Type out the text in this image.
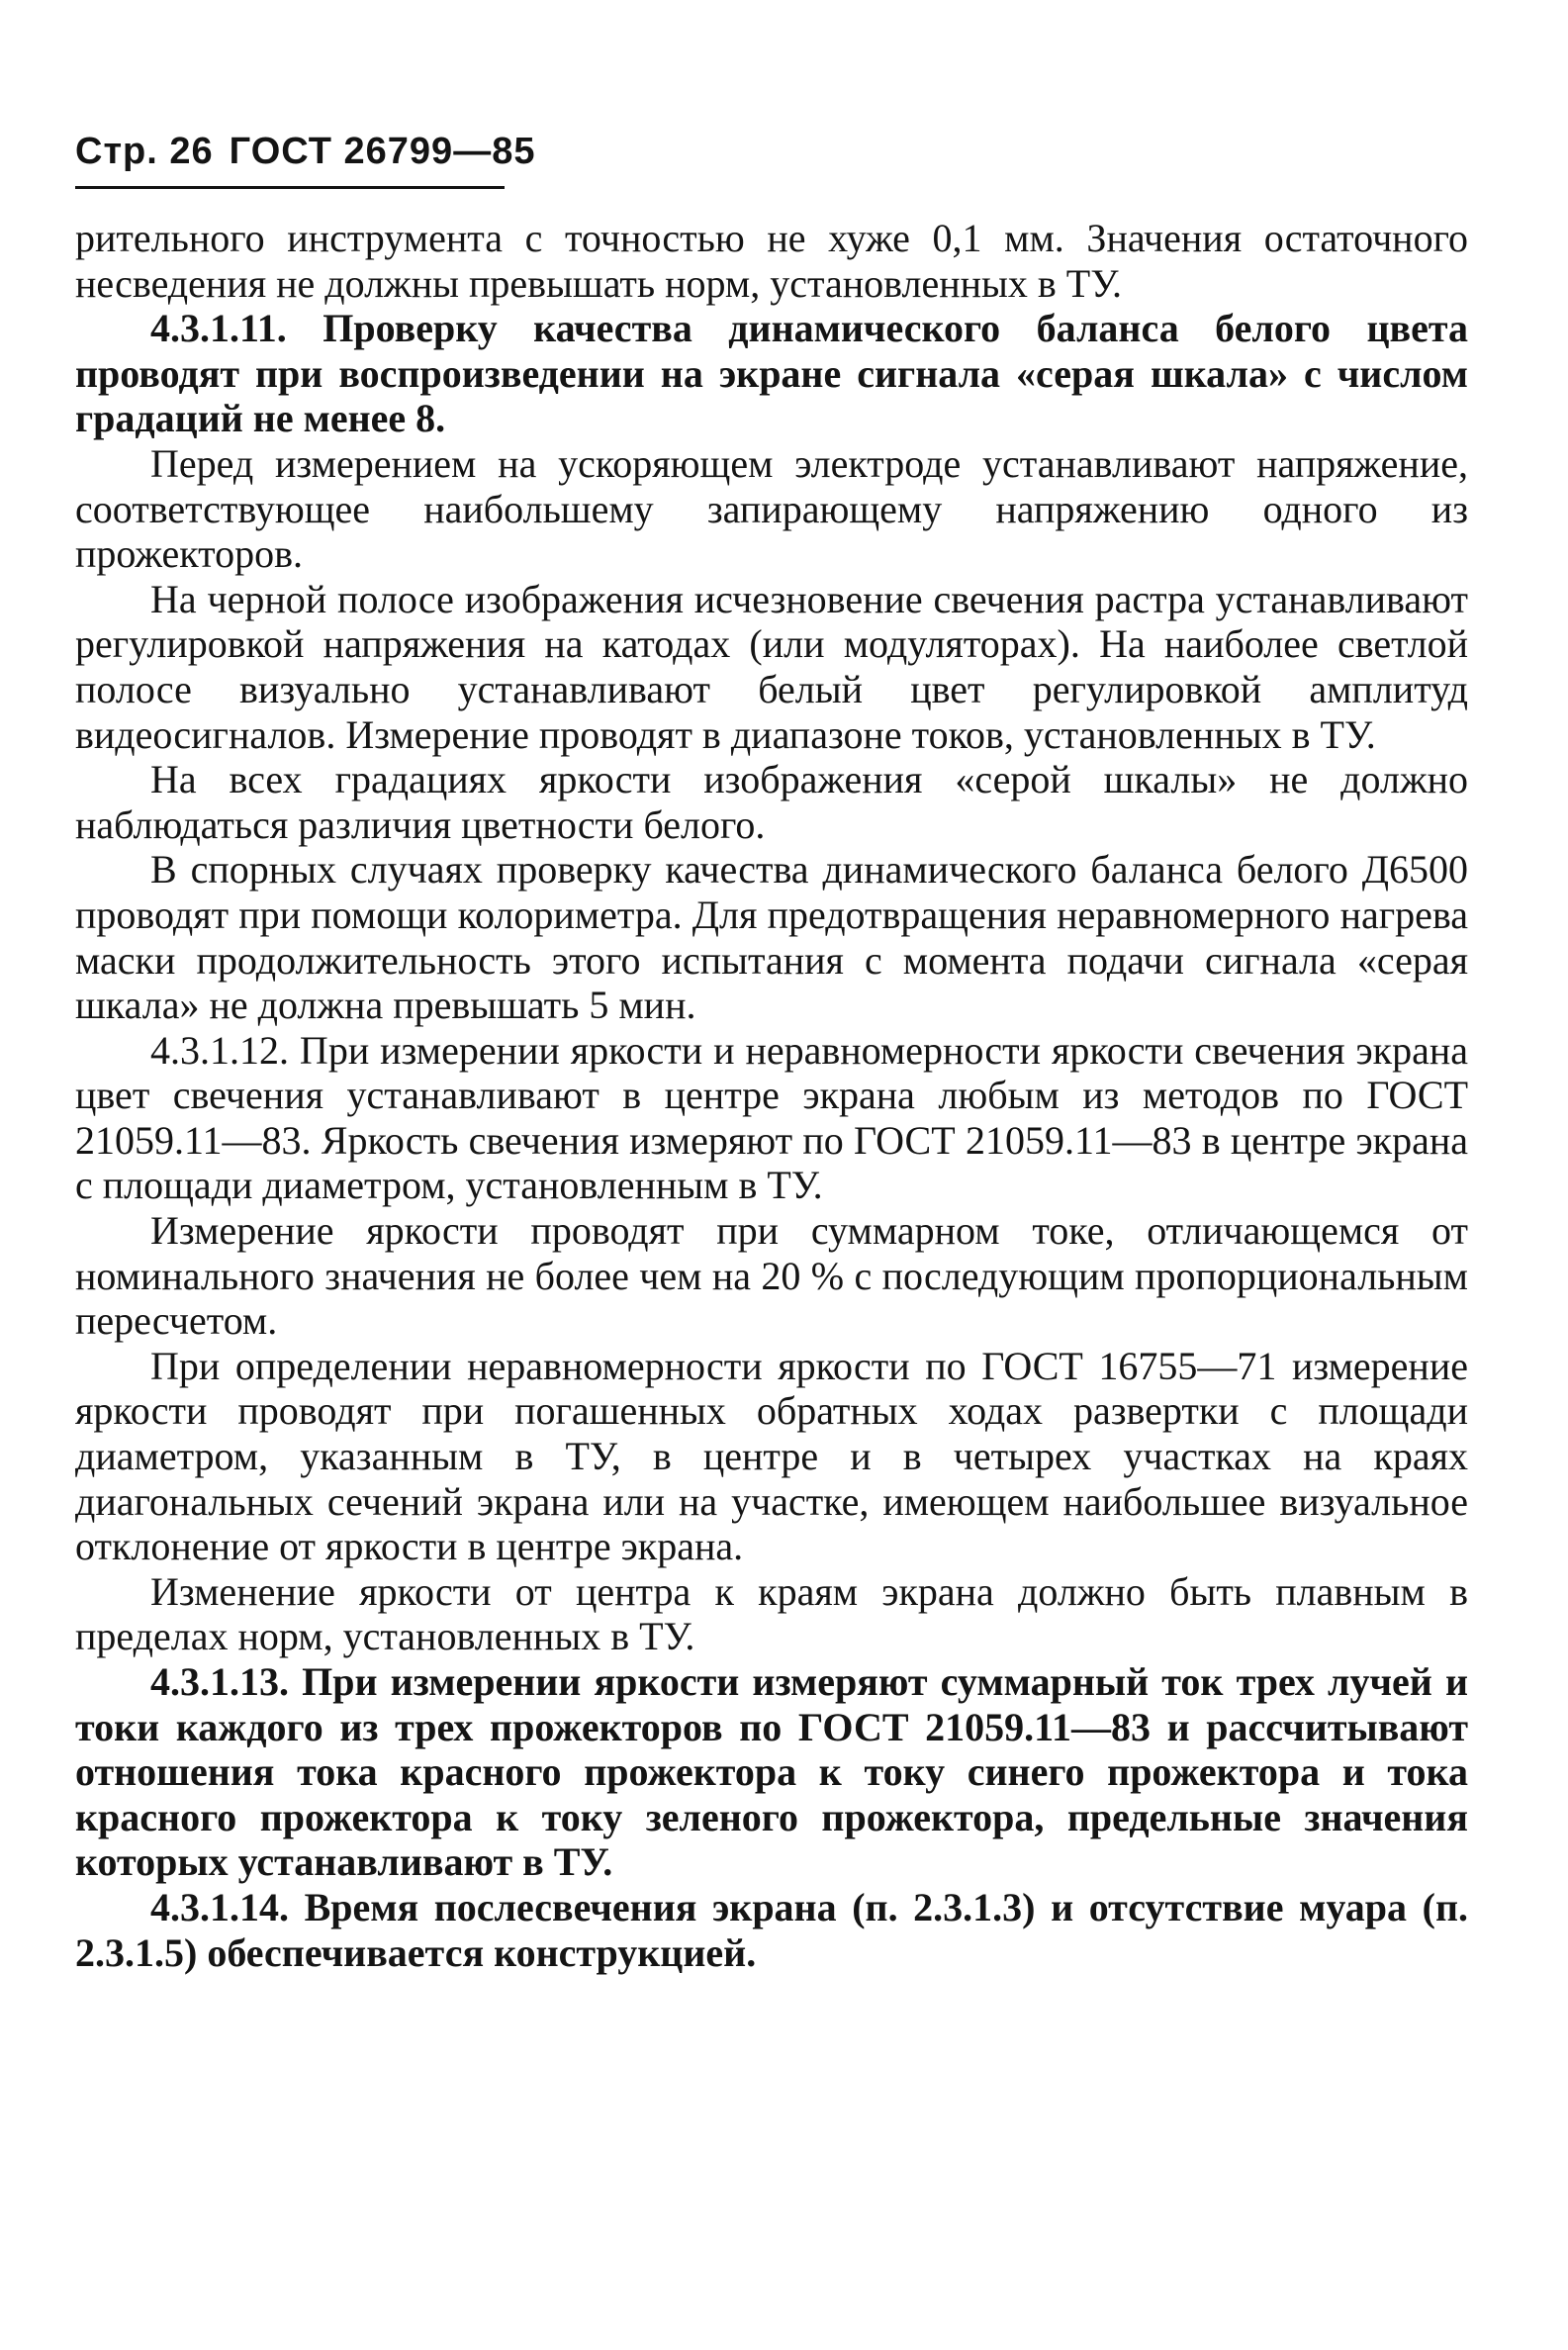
Стр. 26 ГОСТ 26799—85

рительного инструмента с точностью не хуже 0,1 мм. Значения остаточного несведения не должны превышать норм, установленных в ТУ.

4.3.1.11. Проверку качества динамического баланса белого цвета проводят при воспроизведении на экране сигнала «серая шкала» с числом градаций не менее 8.

Перед измерением на ускоряющем электроде устанавливают напряжение, соответствующее наибольшему запирающему напряжению одного из прожекторов.

На черной полосе изображения исчезновение свечения растра устанавливают регулировкой напряжения на катодах (или модуляторах). На наиболее светлой полосе визуально устанавливают белый цвет регулировкой амплитуд видеосигналов. Измерение проводят в диапазоне токов, установленных в ТУ.

На всех градациях яркости изображения «серой шкалы» не должно наблюдаться различия цветности белого.

В спорных случаях проверку качества динамического баланса белого Д6500 проводят при помощи колориметра. Для предотвращения неравномерного нагрева маски продолжительность этого испытания с момента подачи сигнала «серая шкала» не должна превышать 5 мин.

4.3.1.12. При измерении яркости и неравномерности яркости свечения экрана цвет свечения устанавливают в центре экрана любым из методов по ГОСТ 21059.11—83. Яркость свечения измеряют по ГОСТ 21059.11—83 в центре экрана с площади диаметром, установленным в ТУ.

Измерение яркости проводят при суммарном токе, отличающемся от номинального значения не более чем на 20 % с последующим пропорциональным пересчетом.

При определении неравномерности яркости по ГОСТ 16755—71 измерение яркости проводят при погашенных обратных ходах развертки с площади диаметром, указанным в ТУ, в центре и в четырех участках на краях диагональных сечений экрана или на участке, имеющем наибольшее визуальное отклонение от яркости в центре экрана.

Изменение яркости от центра к краям экрана должно быть плавным в пределах норм, установленных в ТУ.

4.3.1.13. При измерении яркости измеряют суммарный ток трех лучей и токи каждого из трех прожекторов по ГОСТ 21059.11—83 и рассчитывают отношения тока красного прожектора к току синего прожектора и тока красного прожектора к току зеленого прожектора, предельные значения которых устанавливают в ТУ.

4.3.1.14. Время послесвечения экрана (п. 2.3.1.3) и отсутствие муара (п. 2.3.1.5) обеспечивается конструкцией.
